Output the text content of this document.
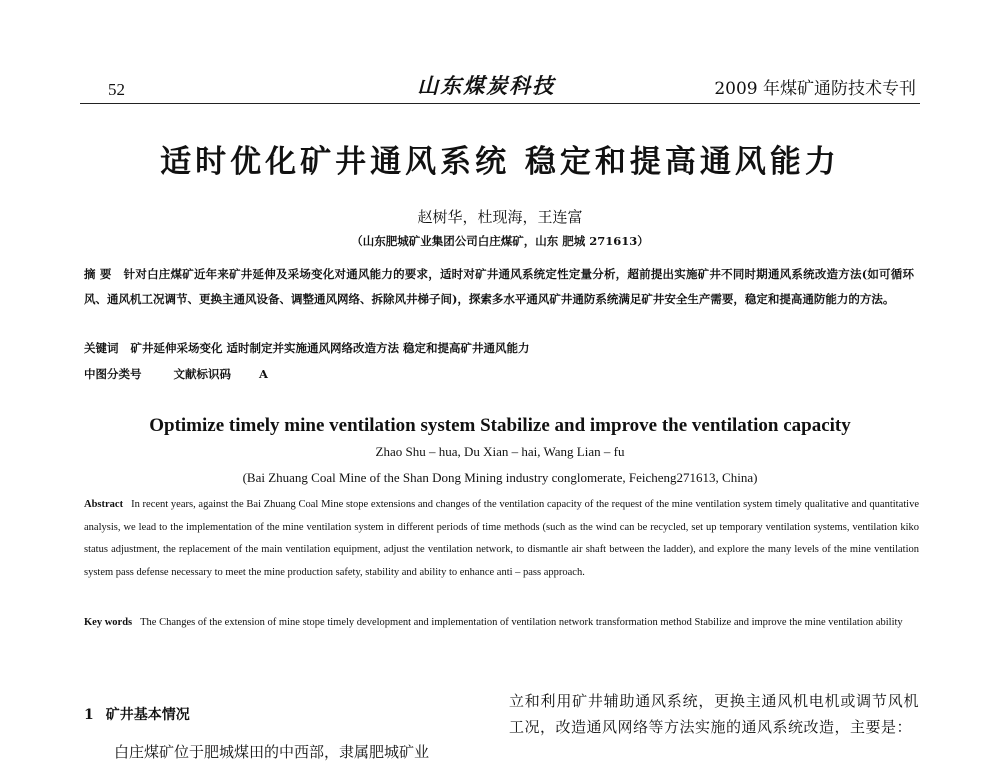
52	山东煤炭科技	2009 年煤矿通防技术专刊
适时优化矿井通风系统 稳定和提高通风能力
赵树华，杜现海，王连富
（山东肥城矿业集团公司白庄煤矿，山东 肥城 271613）

摘 要 针对白庄煤矿近年来矿井延伸及采场变化对通风能力的要求，适时对矿井通风系统定性定量分析，超前提出实施矿井不同时期通风系统改造方法(如可循环风、通风机工况调节、更换主通风设备、调整通风网络、拆除风井梯子间)，探索多水平通风矿井通防系统满足矿井安全生产需要，稳定和提高通防能力的方法。

关键词 矿井延伸采场变化 适时制定并实施通风网络改造方法 稳定和提高矿井通风能力

中图分类号	文献标识码 A

Optimize timely mine ventilation system Stabilize and improve the ventilation capacity
Zhao Shu – hua, Du Xian – hai, Wang Lian – fu
(Bai Zhuang Coal Mine of the Shan Dong Mining industry conglomerate, Feicheng271613, China)

Abstract In recent years, against the Bai Zhuang Coal Mine stope extensions and changes of the ventilation capacity of the request of the mine ventilation system timely qualitative and quantitative analysis, we lead to the implementation of the mine ventilation system in different periods of time methods (such as the wind can be recycled, set up temporary ventilation systems, ventilation kiko status adjustment, the replacement of the main ventilation equipment, adjust the ventilation network, to dismantle air shaft between the ladder), and explore the many levels of the mine ventilation system pass defense necessary to meet the mine production safety, stability and ability to enhance anti – pass approach.

Key words The Changes of the extension of mine stope timely development and implementation of ventilation network transformation method Stabilize and improve the mine ventilation ability

1 矿井基本情况

白庄煤矿位于肥城煤田的中西部，隶属肥城矿业

立和利用矿井辅助通风系统，更换主通风机电机或调节风机工况，改造通风网络等方法实施的通风系统改造，主要是：
